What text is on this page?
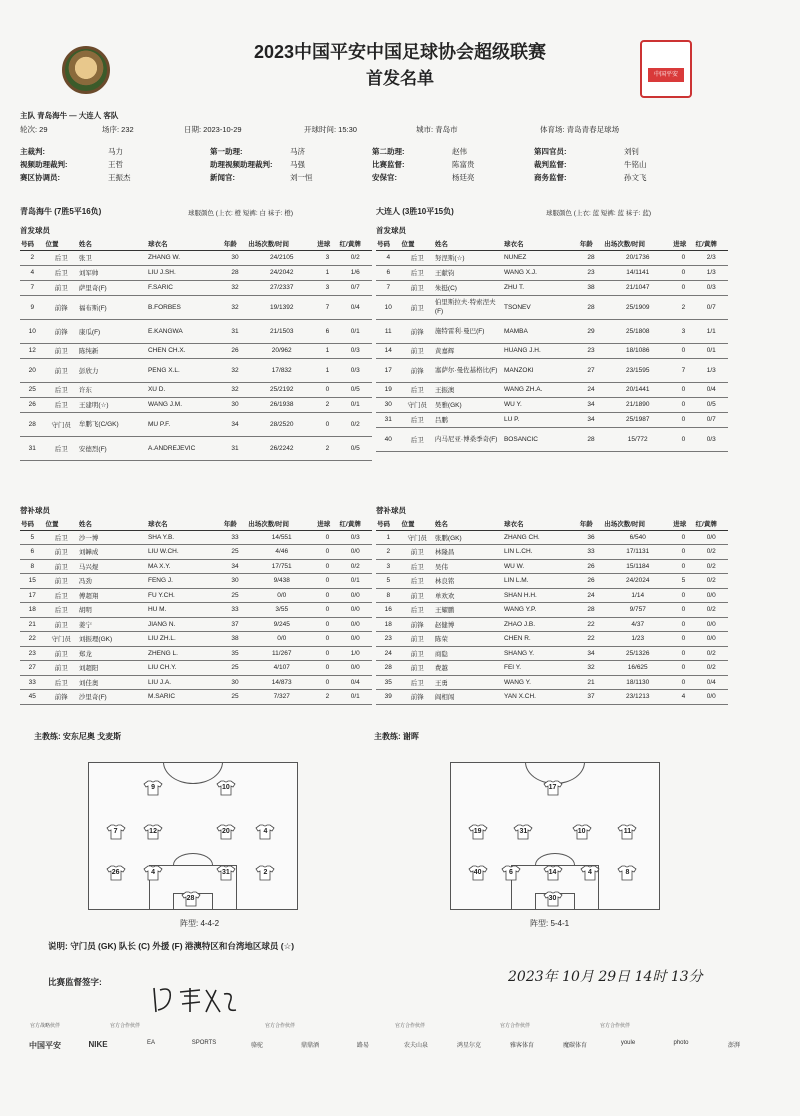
中国平安
2023中国平安中国足球协会超级联赛
首发名单
主队 青岛海牛 — 大连人 客队
轮次: 29	场序: 232	日期: 2023-10-29	开球时间: 15:30	城市: 青岛市	体育场: 青岛青春足球场
主裁判:	马力	第一助理:	马济	第二助理:	赵伟	第四官员:	刘钊
视频助理裁判:	王哲	助理视频助理裁判: 马强	比赛监督:	陈富贵	裁判监督:	牛铭山
赛区协调员:	王振杰	新闻官:	刘一恒	安保官:	杨廷亮	商务监督:	孙文飞
青岛海牛 (7胜5平16负)	球服颜色 (上衣: 橙 短裤: 白 袜子: 橙)	大连人 (3胜10平15负)	球服颜色 (上衣: 蓝 短裤: 蓝 袜子: 蓝)
首发球员	首发球员
号码	位置	姓名	球衣名	年龄	出场次数/时间	进球	红/黄牌
2	后卫	张卫	ZHANG W.	30	24/2105	3	0/2
4	后卫	刘军帅	LIU J.SH.	28	24/2042	1	1/6
7	前卫	萨里奇(F)	F.SARIC	32	27/2337	3	0/7
9	前锋	福布斯(F)	B.FORBES	32	19/1392	7	0/4
10	前锋	康瓜(F)	E.KANGWA	31	21/1503	6	0/1
12	前卫	陈纯新	CHEN CH.X.	26	20/962	1	0/3
20	前卫	彭欣力	PENG X.L.	32	17/832	1	0/3
25	后卫	许东	XU D.	32	25/2192	0	0/5
26	后卫	王建明(☆)	WANG J.M.	30	26/1938	2	0/1
28	守门员	牟鹏飞(C/GK)	MU P.F.	34	28/2520	0	0/2
31	后卫	安德烈(F)	A.ANDREJEVIC	31	26/2242	2	0/5
号码	位置	姓名	球衣名	年龄	出场次数/时间	进球	红/黄牌
4	后卫	努涅斯(☆)	NUNEZ	28	20/1736	0	2/3
6	后卫	王献钧	WANG X.J.	23	14/1141	0	1/3
7	前卫	朱挺(C)	ZHU T.	38	21/1047	0	0/3
10	前卫	伯里斯拉夫·特索涅夫(F)	TSONEV	28	25/1909	2	0/7
11	前锋	施特雷利·曼巴(F)	MAMBA	29	25/1808	3	1/1
14	前卫	黄嘉辉	HUANG J.H.	23	18/1086	0	0/1
17	前锋	塞萨尔·曼佐基格比(F)	MANZOKI	27	23/1595	7	1/3
19	后卫	王振澳	WANG ZH.A.	24	20/1441	0	0/4
30	守门员	吴雅(GK)	WU Y.	34	21/1890	0	0/5
31	后卫	吕鹏	LU P.	34	25/1987	0	0/7
40	后卫	内马尼亚·博桑季奇(F)	BOSANCIC	28	15/772	0	0/3
替补球员	替补球员
号码	位置	姓名	球衣名	年龄	出场次数/时间	进球	红/黄牌
5	后卫	沙一博	SHA Y.B.	33	14/551	0	0/3
6	前卫	刘韡成	LIU W.CH.	25	4/46	0	0/0
8	前卫	马兴煜	MA X.Y.	34	17/751	0	0/2
15	前卫	冯劲	FENG J.	30	9/438	0	0/1
17	后卫	傅超翔	FU Y.CH.	25	0/0	0	0/0
18	后卫	胡明	HU M.	33	3/55	0	0/0
21	前卫	姜宁	JIANG N.	37	9/245	0	0/0
22	守门员	刘振理(GK)	LIU ZH.L.	38	0/0	0	0/0
23	前卫	郑龙	ZHENG L.	35	11/267	0	1/0
27	前卫	刘超阳	LIU CH.Y.	25	4/107	0	0/0
33	后卫	刘佳奥	LIU J.A.	30	14/873	0	0/4
45	前锋	沙里奇(F)	M.SARIC	25	7/327	2	0/1
号码	位置	姓名	球衣名	年龄	出场次数/时间	进球	红/黄牌
1	守门员	张鹏(GK)	ZHANG CH.	36	6/540	0	0/0
2	前卫	林隆昌	LIN L.CH.	33	17/1131	0	0/2
3	后卫	吴伟	WU W.	26	15/1184	0	0/2
5	后卫	林良铭	LIN L.M.	26	24/2024	5	0/2
8	前卫	单欢欢	SHAN H.H.	24	1/14	0	0/0
16	后卫	王耀鹏	WANG Y.P.	28	9/757	0	0/2
18	前锋	赵健博	ZHAO J.B.	22	4/37	0	0/0
23	前卫	陈荣	CHEN R.	22	1/23	0	0/0
24	前卫	商隐	SHANG Y.	34	25/1326	0	0/2
28	前卫	费越	FEI Y.	32	16/625	0	0/2
35	后卫	王勇	WANG Y.	21	18/1130	0	0/4
39	前锋	阎相闯	YAN X.CH.	37	23/1213	4	0/0
主教练: 安东尼奥 戈麦斯	主教练: 谢晖
9	10
7	12	20	4
26	4	31	2
28
17
19	31	10	11
40	6	14	4	8
30
阵型: 4-4-2	阵型: 5-4-1
说明: 守门员 (GK) 队长 (C) 外援 (F) 港澳特区和台湾地区球员 (☆)
比赛监督签字:	2023年 10月 29日 14时 13分
官方战略伙伴	官方合作伙伴	官方合作伙伴	官方合作伙伴	官方合作伙伴	官方合作伙伴
中国平安	NIKE	EA	SPORTS	骆驼	鼎鼎酒	路易	农夫山泉	鸿星尔克	雅客体育	魔碳体育	youle	photo	澎湃
